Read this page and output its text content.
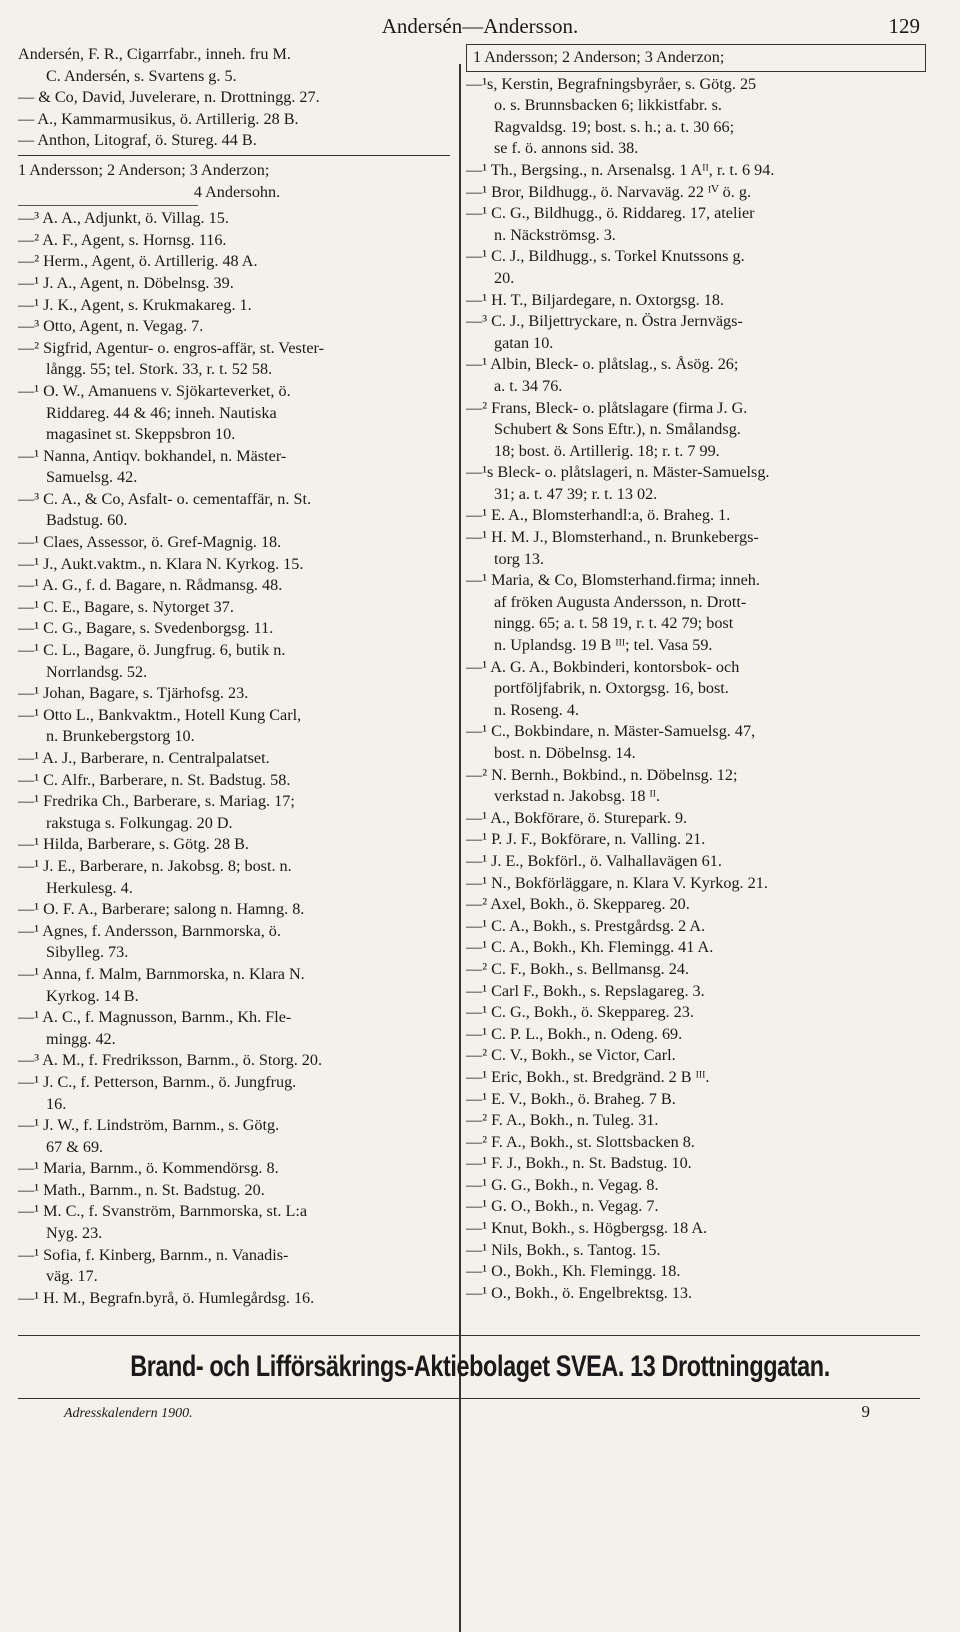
Andersén—Andersson.	129
Andersén, F. R., Cigarrfabr., inneh. fru M.
C. Andersén, s. Svartens g. 5.
— & Co, David, Juvelerare, n. Drottningg. 27.
— A., Kammarmusikus, ö. Artillerig. 28 B.
— Anthon, Litograf, ö. Stureg. 44 B.
1 Andersson; 2 Anderson; 3 Anderzon;
4 Andersohn.
—³ A. A., Adjunkt, ö. Villag. 15.
—² A. F., Agent, s. Hornsg. 116.
—² Herm., Agent, ö. Artillerig. 48 A.
—¹ J. A., Agent, n. Döbelnsg. 39.
—¹ J. K., Agent, s. Krukmakareg. 1.
—³ Otto, Agent, n. Vegag. 7.
—² Sigfrid, Agentur- o. engros-affär, st. Vester-
långg. 55; tel. Stork. 33, r. t. 52 58.
—¹ O. W., Amanuens v. Sjökarteverket, ö.
Riddareg. 44 & 46; inneh. Nautiska
magasinet st. Skeppsbron 10.
—¹ Nanna, Antiqv. bokhandel, n. Mäster-
Samuelsg. 42.
—³ C. A., & Co, Asfalt- o. cementaffär, n. St.
Badstug. 60.
—¹ Claes, Assessor, ö. Gref-Magnig. 18.
—¹ J., Aukt.vaktm., n. Klara N. Kyrkog. 15.
—¹ A. G., f. d. Bagare, n. Rådmansg. 48.
—¹ C. E., Bagare, s. Nytorget 37.
—¹ C. G., Bagare, s. Svedenborgsg. 11.
—¹ C. L., Bagare, ö. Jungfrug. 6, butik n.
Norrlandsg. 52.
—¹ Johan, Bagare, s. Tjärhofsg. 23.
—¹ Otto L., Bankvaktm., Hotell Kung Carl,
n. Brunkebergstorg 10.
—¹ A. J., Barberare, n. Centralpalatset.
—¹ C. Alfr., Barberare, n. St. Badstug. 58.
—¹ Fredrika Ch., Barberare, s. Mariag. 17;
rakstuga s. Folkungag. 20 D.
—¹ Hilda, Barberare, s. Götg. 28 B.
—¹ J. E., Barberare, n. Jakobsg. 8; bost. n.
Herkulesg. 4.
—¹ O. F. A., Barberare; salong n. Hamng. 8.
—¹ Agnes, f. Andersson, Barnmorska, ö.
Sibylleg. 73.
—¹ Anna, f. Malm, Barnmorska, n. Klara N.
Kyrkog. 14 B.
—¹ A. C., f. Magnusson, Barnm., Kh. Fle-
mingg. 42.
—³ A. M., f. Fredriksson, Barnm., ö. Storg. 20.
—¹ J. C., f. Petterson, Barnm., ö. Jungfrug.
16.
—¹ J. W., f. Lindström, Barnm., s. Götg.
67 & 69.
—¹ Maria, Barnm., ö. Kommendörsg. 8.
—¹ Math., Barnm., n. St. Badstug. 20.
—¹ M. C., f. Svanström, Barnmorska, st. L:a
Nyg. 23.
—¹ Sofia, f. Kinberg, Barnm., n. Vanadis-
väg. 17.
—¹ H. M., Begrafn.byrå, ö. Humlegårdsg. 16.
1 Andersson; 2 Anderson; 3 Anderzon;
—¹s, Kerstin, Begrafningsbyråer, s. Götg. 25
o. s. Brunnsbacken 6; likkistfabr. s.
Ragvaldsg. 19; bost. s. h.; a. t. 30 66;
se f. ö. annons sid. 38.
—¹ Th., Bergsing., n. Arsenalsg. 1 Aᴵᴵ, r. t. 6 94.
—¹ Bror, Bildhugg., ö. Narvaväg. 22 ᴵⱽ ö. g.
—¹ C. G., Bildhugg., ö. Riddareg. 17, atelier
n. Näckströmsg. 3.
—¹ C. J., Bildhugg., s. Torkel Knutssons g.
20.
—¹ H. T., Biljardegare, n. Oxtorgsg. 18.
—³ C. J., Biljettryckare, n. Östra Jernvägs-
gatan 10.
—¹ Albin, Bleck- o. plåtslag., s. Åsög. 26;
a. t. 34 76.
—² Frans, Bleck- o. plåtslagare (firma J. G.
Schubert & Sons Eftr.), n. Smålandsg.
18; bost. ö. Artillerig. 18; r. t. 7 99.
—¹s Bleck- o. plåtslageri, n. Mäster-Samuelsg.
31; a. t. 47 39; r. t. 13 02.
—¹ E. A., Blomsterhandl:a, ö. Braheg. 1.
—¹ H. M. J., Blomsterhand., n. Brunkebergs-
torg 13.
—¹ Maria, & Co, Blomsterhand.firma; inneh.
af fröken Augusta Andersson, n. Drott-
ningg. 65; a. t. 58 19, r. t. 42 79; bost
n. Uplandsg. 19 B ᴵᴵᴵ; tel. Vasa 59.
—¹ A. G. A., Bokbinderi, kontorsbok- och
portföljfabrik, n. Oxtorgsg. 16, bost.
n. Roseng. 4.
—¹ C., Bokbindare, n. Mäster-Samuelsg. 47,
bost. n. Döbelnsg. 14.
—² N. Bernh., Bokbind., n. Döbelnsg. 12;
verkstad n. Jakobsg. 18 ᴵᴵ.
—¹ A., Bokförare, ö. Sturepark. 9.
—¹ P. J. F., Bokförare, n. Valling. 21.
—¹ J. E., Bokförl., ö. Valhallavägen 61.
—¹ N., Bokförläggare, n. Klara V. Kyrkog. 21.
—² Axel, Bokh., ö. Skeppareg. 20.
—¹ C. A., Bokh., s. Prestgårdsg. 2 A.
—¹ C. A., Bokh., Kh. Flemingg. 41 A.
—² C. F., Bokh., s. Bellmansg. 24.
—¹ Carl F., Bokh., s. Repslagareg. 3.
—¹ C. G., Bokh., ö. Skeppareg. 23.
—¹ C. P. L., Bokh., n. Odeng. 69.
—² C. V., Bokh., se Victor, Carl.
—¹ Eric, Bokh., st. Bredgränd. 2 B ᴵᴵᴵ.
—¹ E. V., Bokh., ö. Braheg. 7 B.
—² F. A., Bokh., n. Tuleg. 31.
—² F. A., Bokh., st. Slottsbacken 8.
—¹ F. J., Bokh., n. St. Badstug. 10.
—¹ G. G., Bokh., n. Vegag. 8.
—¹ G. O., Bokh., n. Vegag. 7.
—¹ Knut, Bokh., s. Högbergsg. 18 A.
—¹ Nils, Bokh., s. Tantog. 15.
—¹ O., Bokh., Kh. Flemingg. 18.
—¹ O., Bokh., ö. Engelbrektsg. 13.
Brand- och Lifförsäkrings-Aktiebolaget SVEA. 13 Drottninggatan.
Adresskalendern 1900.	9
